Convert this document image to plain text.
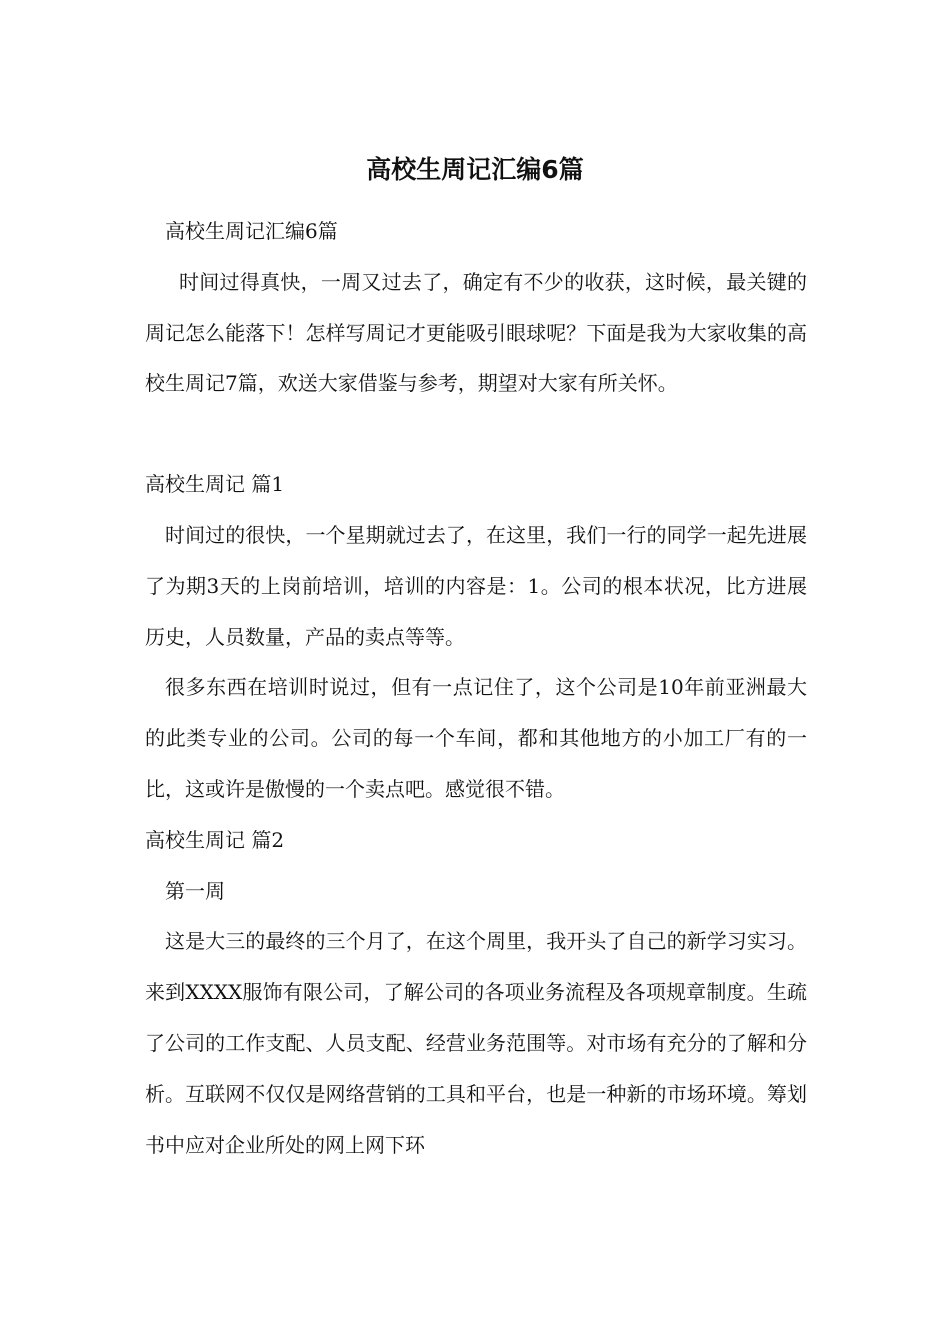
高校生周记汇编6篇

高校生周记汇编6篇

时间过得真快，一周又过去了，确定有不少的收获，这时候，最关键的周记怎么能落下！怎样写周记才更能吸引眼球呢？下面是我为大家收集的高校生周记7篇，欢送大家借鉴与参考，期望对大家有所关怀。

高校生周记 篇1

时间过的很快，一个星期就过去了，在这里，我们一行的同学一起先进展了为期3天的上岗前培训，培训的内容是：1。公司的根本状况，比方进展历史，人员数量，产品的卖点等等。

很多东西在培训时说过，但有一点记住了，这个公司是10年前亚洲最大的此类专业的公司。公司的每一个车间，都和其他地方的小加工厂有的一比，这或许是傲慢的一个卖点吧。感觉很不错。

高校生周记 篇2

第一周

这是大三的最终的三个月了，在这个周里，我开头了自己的新学习实习。来到XXXX服饰有限公司，了解公司的各项业务流程及各项规章制度。生疏了公司的工作支配、人员支配、经营业务范围等。对市场有充分的了解和分析。互联网不仅仅是网络营销的工具和平台，也是一种新的市场环境。筹划书中应对企业所处的网上网下环
